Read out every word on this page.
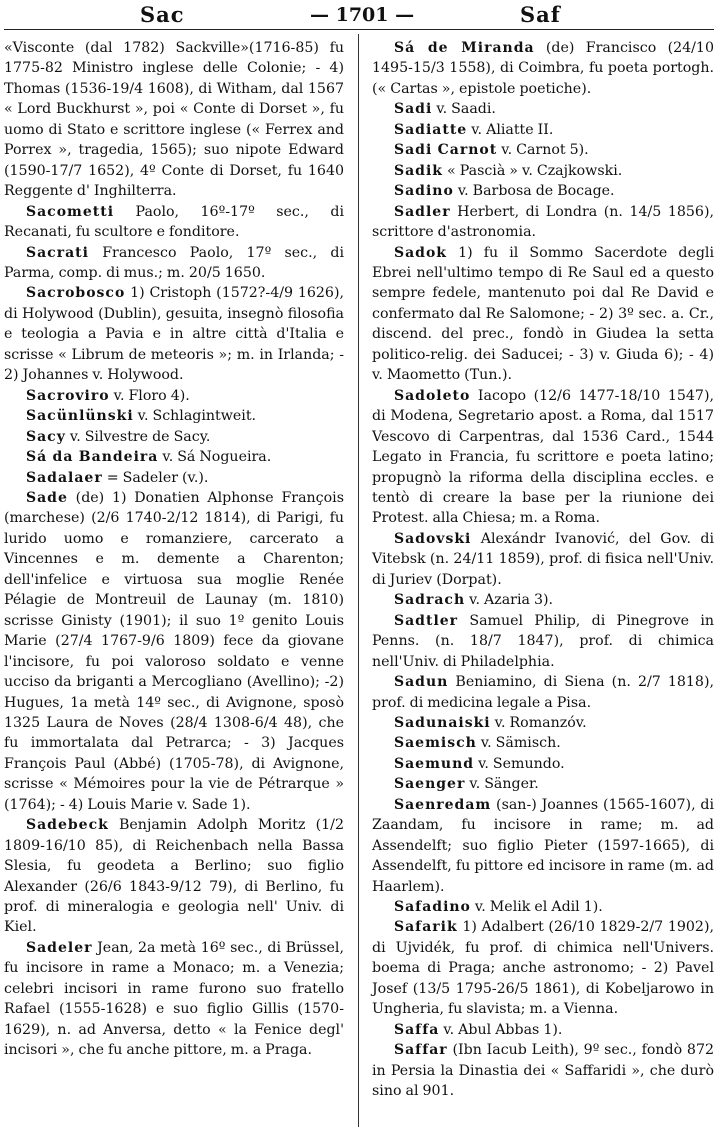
Sac	— 1701 —	Saf

«Visconte (dal 1782) Sackville»(1716-85) fu 1775-82 Ministro inglese delle Colonie; - 4) Thomas (1536-19/4 1608), di Witham, dal 1567 « Lord Buckhurst », poi « Conte di Dorset », fu uomo di Stato e scrittore inglese (« Ferrex and Porrex », tragedia, 1565); suo nipote Edward (1590-17/7 1652), 4º Conte di Dorset, fu 1640 Reggente d' Inghilterra.

Sacometti Paolo, 16º-17º sec., di Recanati, fu scultore e fonditore.

Sacrati Francesco Paolo, 17º sec., di Parma, comp. di mus.; m. 20/5 1650.

Sacrobosco 1) Cristoph (1572?-4/9 1626), di Holywood (Dublin), gesuita, insegnò filosofia e teologia a Pavia e in altre città d'Italia e scrisse « Librum de meteoris »; m. in Irlanda; - 2) Johannes v. Holywood.

Sacroviro v. Floro 4).

Sacünlünski v. Schlagintweit.

Sacy v. Silvestre de Sacy.

Sá da Bandeira v. Sá Nogueira.

Sadalaer = Sadeler (v.).

Sade (de) 1) Donatien Alphonse François (marchese) (2/6 1740-2/12 1814), di Parigi, fu lurido uomo e romanziere, carcerato a Vincennes e m. demente a Charenton; dell'infelice e virtuosa sua moglie Renée Pélagie de Montreuil de Launay (m. 1810) scrisse Ginisty (1901); il suo 1º genito Louis Marie (27/4 1767-9/6 1809) fece da giovane l'incisore, fu poi valoroso soldato e venne ucciso da briganti a Mercogliano (Avellino); -2) Hugues, 1a metà 14º sec., di Avignone, sposò 1325 Laura de Noves (28/4 1308-6/4 48), che fu immortalata dal Petrarca; - 3) Jacques François Paul (Abbé) (1705-78), di Avignone, scrisse « Mémoires pour la vie de Pétrarque » (1764); - 4) Louis Marie v. Sade 1).

Sadebeck Benjamin Adolph Moritz (1/2 1809-16/10 85), di Reichenbach nella Bassa Slesia, fu geodeta a Berlino; suo figlio Alexander (26/6 1843-9/12 79), di Berlino, fu prof. di mineralogia e geologia nell' Univ. di Kiel.

Sadeler Jean, 2a metà 16º sec., di Brüssel, fu incisore in rame a Monaco; m. a Venezia; celebri incisori in rame furono suo fratello Rafael (1555-1628) e suo figlio Gillis (1570-1629), n. ad Anversa, detto « la Fenice degl' incisori », che fu anche pittore, m. a Praga.

Sá de Miranda (de) Francisco (24/10 1495-15/3 1558), di Coimbra, fu poeta portogh. (« Cartas », epistole poetiche).

Sadi v. Saadi.

Sadiatte v. Aliatte II.

Sadi Carnot v. Carnot 5).

Sadik « Pascià » v. Czajkowski.

Sadino v. Barbosa de Bocage.

Sadler Herbert, di Londra (n. 14/5 1856), scrittore d'astronomia.

Sadok 1) fu il Sommo Sacerdote degli Ebrei nell'ultimo tempo di Re Saul ed a questo sempre fedele, mantenuto poi dal Re David e confermato dal Re Salomone; - 2) 3º sec. a. Cr., discend. del prec., fondò in Giudea la setta politico-relig. dei Saducei; - 3) v. Giuda 6); - 4) v. Maometto (Tun.).

Sadoleto Iacopo (12/6 1477-18/10 1547), di Modena, Segretario apost. a Roma, dal 1517 Vescovo di Carpentras, dal 1536 Card., 1544 Legato in Francia, fu scrittore e poeta latino; propugnò la riforma della disciplina eccles. e tentò di creare la base per la riunione dei Protest. alla Chiesa; m. a Roma.

Sadovski Alexándr Ivanović, del Gov. di Vitebsk (n. 24/11 1859), prof. di fisica nell'Univ. di Juriev (Dorpat).

Sadrach v. Azaria 3).

Sadtler Samuel Philip, di Pinegrove in Penns. (n. 18/7 1847), prof. di chimica nell'Univ. di Philadelphia.

Sadun Beniamino, di Siena (n. 2/7 1818), prof. di medicina legale a Pisa.

Sadunaiski v. Romanzóv.

Saemisch v. Sämisch.

Saemund v. Semundo.

Saenger v. Sänger.

Saenredam (san-) Joannes (1565-1607), di Zaandam, fu incisore in rame; m. ad Assendelft; suo figlio Pieter (1597-1665), di Assendelft, fu pittore ed incisore in rame (m. ad Haarlem).

Safadino v. Melik el Adil 1).

Safarik 1) Adalbert (26/10 1829-2/7 1902), di Ujvidék, fu prof. di chimica nell'Univers. boema di Praga; anche astronomo; - 2) Pavel Josef (13/5 1795-26/5 1861), di Kobeljarowo in Ungheria, fu slavista; m. a Vienna.

Saffa v. Abul Abbas 1).

Saffar (Ibn Iacub Leith), 9º sec., fondò 872 in Persia la Dinastia dei « Saffaridi », che durò sino al 901.
